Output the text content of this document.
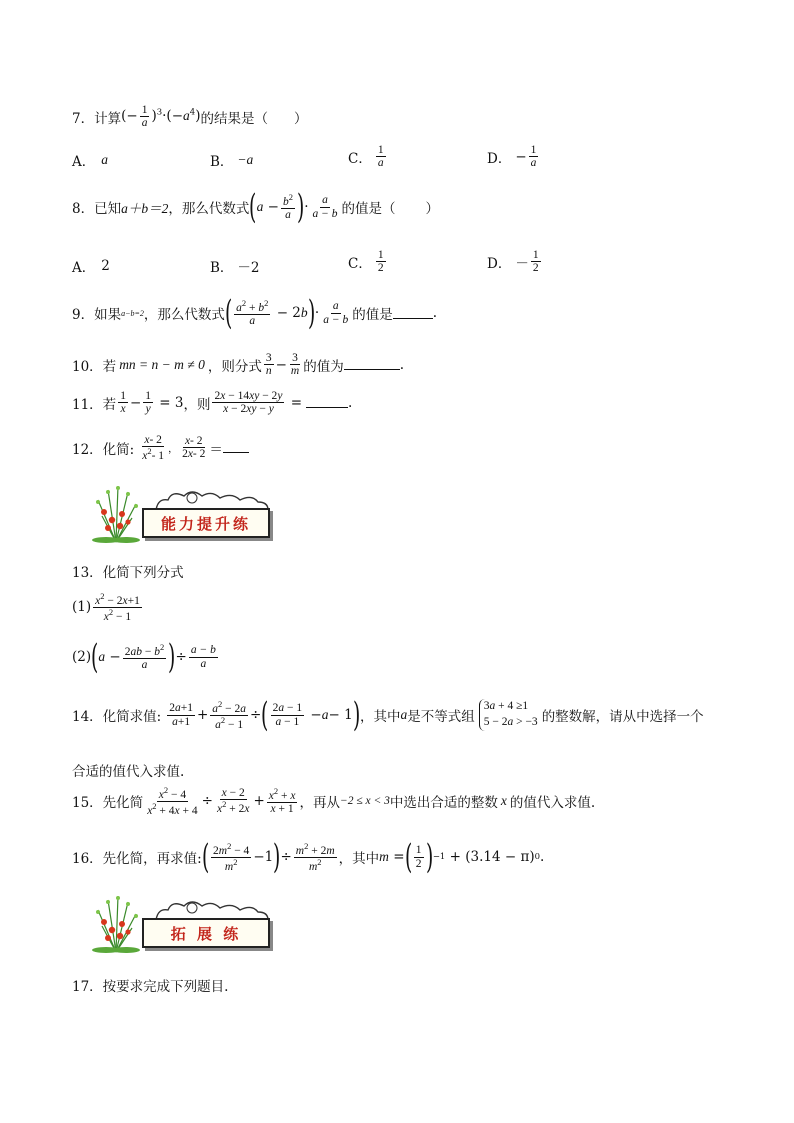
7．计算 (− $\frac{1}{a} )^3\cdot(-a^4)$ 的结果是（ ）
A． a	B． −a	C． $\frac{1}{a}$	D． − $\frac{1}{a}$
8．已知 a＋b＝2 ，那么代数式 ( $a - \frac{b^2}{a}$ ) · $\frac{a}{a - b}$ 的值是（ ）
A． 2	B． －2	C． $\frac{1}{2}$	D． － $\frac{1}{2}$
9．如果 a−b=2 ，那么代数式 ( $\frac{a^2 + b^2}{a} - 2$ b ) · $\frac{a}{a - b}$ 的值是	.
10．若 mn = n − m ≠ 0 ，则分式 $\frac{3}{n} - \frac{3}{m}$ 的值为	.
11．若 $\frac{1}{x} - \frac{1}{y} = 3$ ，则 $\frac{2x - 14xy - 2y}{x - 2xy - y}$ =	.
12．化简: $\frac{x- 2}{x^2- 1}$ ， $\frac{x- 2}{2x- 2}$ ＝
能力提升练
13．化简下列分式
$(1) \frac{x^2 - 2x+1}{x^2 - 1}$
(2) ( $a - \frac{2ab - b^2}{a}$ ) ÷ $\frac{a - b}{a}$
14．化简求值: $\frac{2a+1}{a+1} + \frac{a^2 - 2a}{a^2 - 1}$ ÷ ( $\frac{2a - 1}{a - 1} - a - 1$ ) ，其中 a 是不等式组
3a + 4 ≥1
5 − 2a > −3 的整数解，请从中选择一个
合适的值代入求值.
15．先化简 $\frac{x^2 - 4}{x^2 + 4x + 4} \div \frac{x - 2}{x^2 + 2x} + \frac{x^2 + x}{x + 1}$ ，再从 −2 ≤ x < 3 中选出合适的整数 x 的值代入求值.
16．先化简，再求值: ( $\frac{2m^2 - 4}{m^2} -1$ ) ÷ $\frac{m^2 + 2m}{m^2}$ ，其中 m = ( $\frac{1}{2}$ ) −1 + (3.14 − π) 0 .
拓 展 练
17．按要求完成下列题目.
